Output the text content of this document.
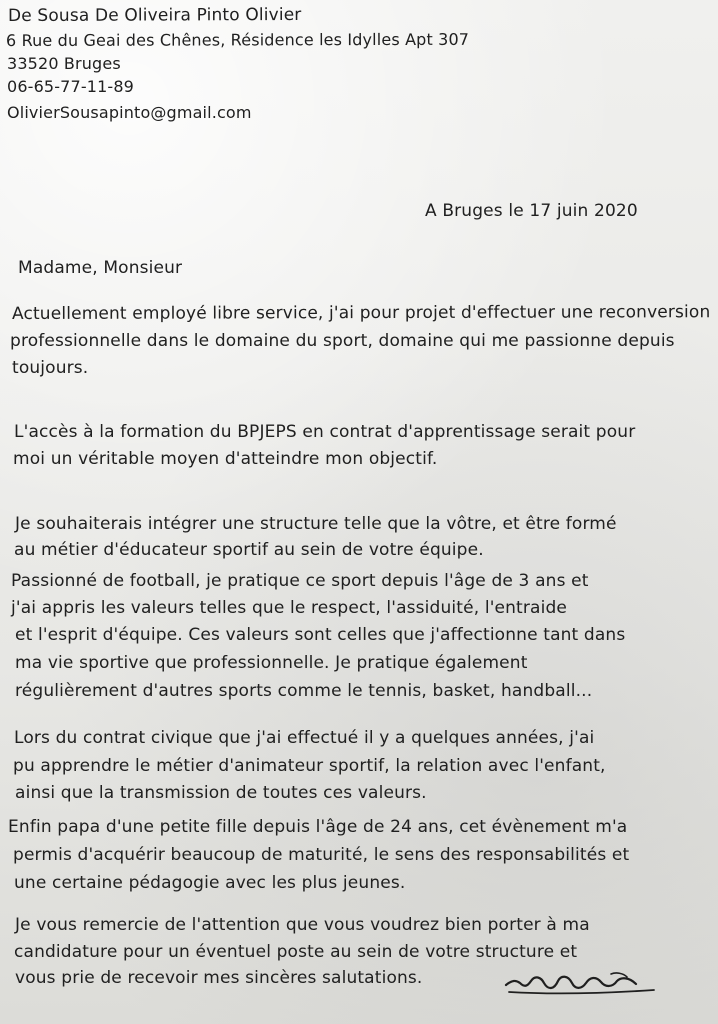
De Sousa De Oliveira Pinto Olivier
6 Rue du Geai des Chênes, Résidence les Idylles Apt 307
33520 Bruges
06-65-77-11-89
OlivierSousapinto@gmail.com
A Bruges le 17 juin 2020
Madame, Monsieur
Actuellement employé libre service, j'ai pour projet d'effectuer une reconversion
professionnelle dans le domaine du sport, domaine qui me passionne depuis
toujours.
L'accès à la formation du BPJEPS en contrat d'apprentissage serait pour
moi un véritable moyen d'atteindre mon objectif.
Je souhaiterais intégrer une structure telle que la vôtre, et être formé
au métier d'éducateur sportif au sein de votre équipe.
Passionné de football, je pratique ce sport depuis l'âge de 3 ans et
j'ai appris les valeurs telles que le respect, l'assiduité, l'entraide
et l'esprit d'équipe. Ces valeurs sont celles que j'affectionne tant dans
ma vie sportive que professionnelle. Je pratique également
régulièrement d'autres sports comme le tennis, basket, handball...
Lors du contrat civique que j'ai effectué il y a quelques années, j'ai
pu apprendre le métier d'animateur sportif, la relation avec l'enfant,
ainsi que la transmission de toutes ces valeurs.
Enfin papa d'une petite fille depuis l'âge de 24 ans, cet évènement m'a
permis d'acquérir beaucoup de maturité, le sens des responsabilités et
une certaine pédagogie avec les plus jeunes.
Je vous remercie de l'attention que vous voudrez bien porter à ma
candidature pour un éventuel poste au sein de votre structure et
vous prie de recevoir mes sincères salutations.
